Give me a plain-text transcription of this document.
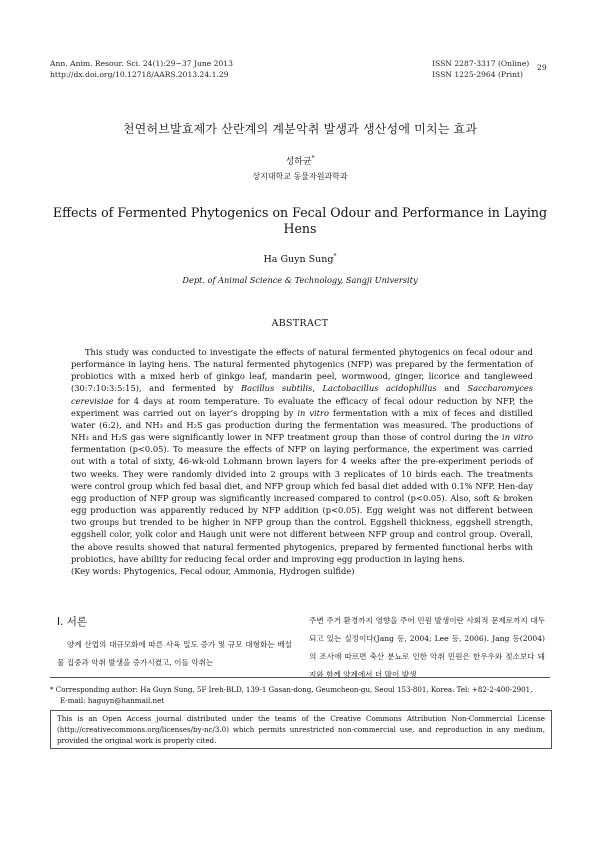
Ann. Anim. Resour. Sci. 24(1):29~37 June 2013
http://dx.doi.org/10.12718/AARS.2013.24.1.29
ISSN 2287-3317 (Online)
ISSN 1225-2964 (Print)
29
천연허브발효제가 산란계의 계분악취 발생과 생산성에 미치는 효과
성하균*
상지대학교 동물자원과학과
Effects of Fermented Phytogenics on Fecal Odour and Performance in Laying
Hens
Ha Guyn Sung*
Dept. of Animal Science & Technology, Sangji University
ABSTRACT
This study was conducted to investigate the effects of natural fermented phytogenics on fecal odour and performance in laying hens. The natural fermented phytogenics (NFP) was prepared by the fermentation of probiotics with a mixed herb of ginkgo leaf, mandarin peel, wormwood, ginger, licorice and tangleweed (30:7:10:3:5:15), and fermented by Bacillus subtilis, Lactobacillus acidophillus and Saccharomyces cerevisiae for 4 days at room temperature. To evaluate the efficacy of fecal odour reduction by NFP, the experiment was carried out on layer’s dropping by in vitro fermentation with a mix of feces and distilled water (6:2), and NH₃ and H₂S gas production during the fermentation was measured. The productions of NH₃ and H₂S gas were significantly lower in NFP treatment group than those of control during the in vitro fermentation (p<0.05). To measure the effects of NFP on laying performance, the experiment was carried out with a total of sixty, 46-wk-old Lohmann brown layers for 4 weeks after the pre-experiment periods of two weeks. They were randomly divided into 2 groups with 3 replicates of 10 birds each. The treatments were control group which fed basal diet, and NFP group which fed basal diet added with 0.1% NFP. Hen-day egg production of NFP group was significantly increased compared to control (p<0.05). Also, soft & broken egg production was apparently reduced by NFP addition (p<0.05). Egg weight was not different between two groups but trended to be higher in NFP group than the control. Eggshell thickness, eggshell strength, eggshell color, yolk color and Haugh unit were not different between NFP group and control group. Overall, the above results showed that natural fermented phytogenics, prepared by fermented functional herbs with probiotics, have ability for reducing fecal order and improving egg production in laying hens.
(Key words: Phytogenics, Fecal odour, Ammonia, Hydrogen sulfide)
Ⅰ. 서론
양계 산업의 대규모화에 따른 사육 밀도 증가 및 규모 대형화는 배설물 집중과 악취 발생을 증가시켰고, 이들 악취는
주변 주거 환경까지 영향을 주어 민원 발생이란 사회적 문제로까지 대두되고 있는 실정이다(Jang 등, 2004; Lee 등, 2006). Jang 등(2004)의 조사에 따르면 축산 분뇨로 인한 악취 민원은 한우우와 젖소보다 돼지와 함께 양계에서 더 많이 발생
* Corresponding author: Ha Guyn Sung, 5F Ireh-BLD, 139-1 Gasan-dong, Geumcheon-gu, Seoul 153-801, Korea. Tel: +82-2-400-2901,
E-mail: haguyn@hanmail.net
This is an Open Access journal distributed under the teams of the Creative Commons Attribution Non-Commercial License (http://creativecommons.org/licenses/by-nc/3.0) which permits unrestricted non-commercial use, and reproduction in any medium, provided the original work is properly cited.
